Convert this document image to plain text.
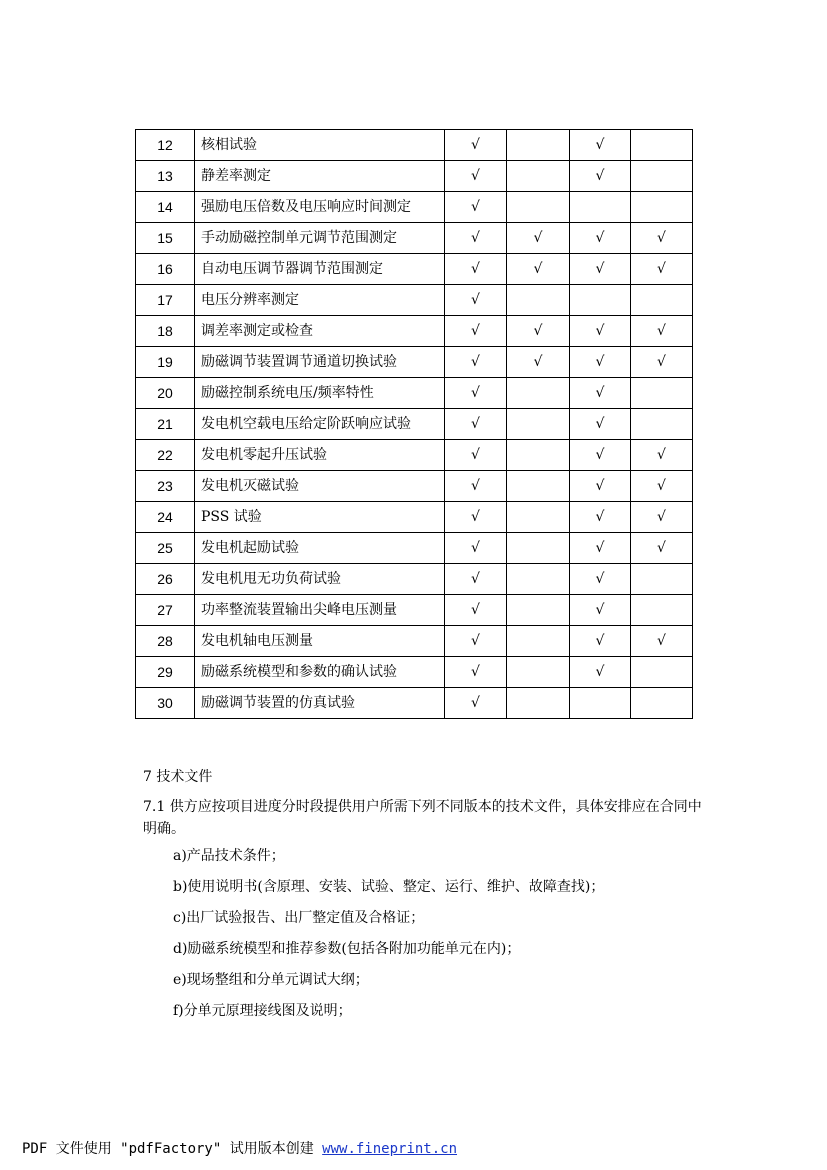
12	核相试验	√		√	
13	静差率测定	√		√	
14	强励电压倍数及电压响应时间测定	√			
15	手动励磁控制单元调节范围测定	√	√	√	√
16	自动电压调节器调节范围测定	√	√	√	√
17	电压分辨率测定	√			
18	调差率测定或检查	√	√	√	√
19	励磁调节装置调节通道切换试验	√	√	√	√
20	励磁控制系统电压/频率特性	√		√	
21	发电机空载电压给定阶跃响应试验	√		√	
22	发电机零起升压试验	√		√	√
23	发电机灭磁试验	√		√	√
24	PSS 试验	√		√	√
25	发电机起励试验	√		√	√
26	发电机甩无功负荷试验	√		√	
27	功率整流装置输出尖峰电压测量	√		√	
28	发电机轴电压测量	√		√	√
29	励磁系统模型和参数的确认试验	√		√	
30	励磁调节装置的仿真试验	√			
7 技术文件
7.1 供方应按项目进度分时段提供用户所需下列不同版本的技术文件，具体安排应在合同中明确。
a)产品技术条件；
b)使用说明书(含原理、安装、试验、整定、运行、维护、故障查找)；
c)出厂试验报告、出厂整定值及合格证；
d)励磁系统模型和推荐参数(包括各附加功能单元在内)；
e)现场整组和分单元调试大纲；
f)分单元原理接线图及说明；
PDF 文件使用 "pdfFactory" 试用版本创建 www.fineprint.cn
